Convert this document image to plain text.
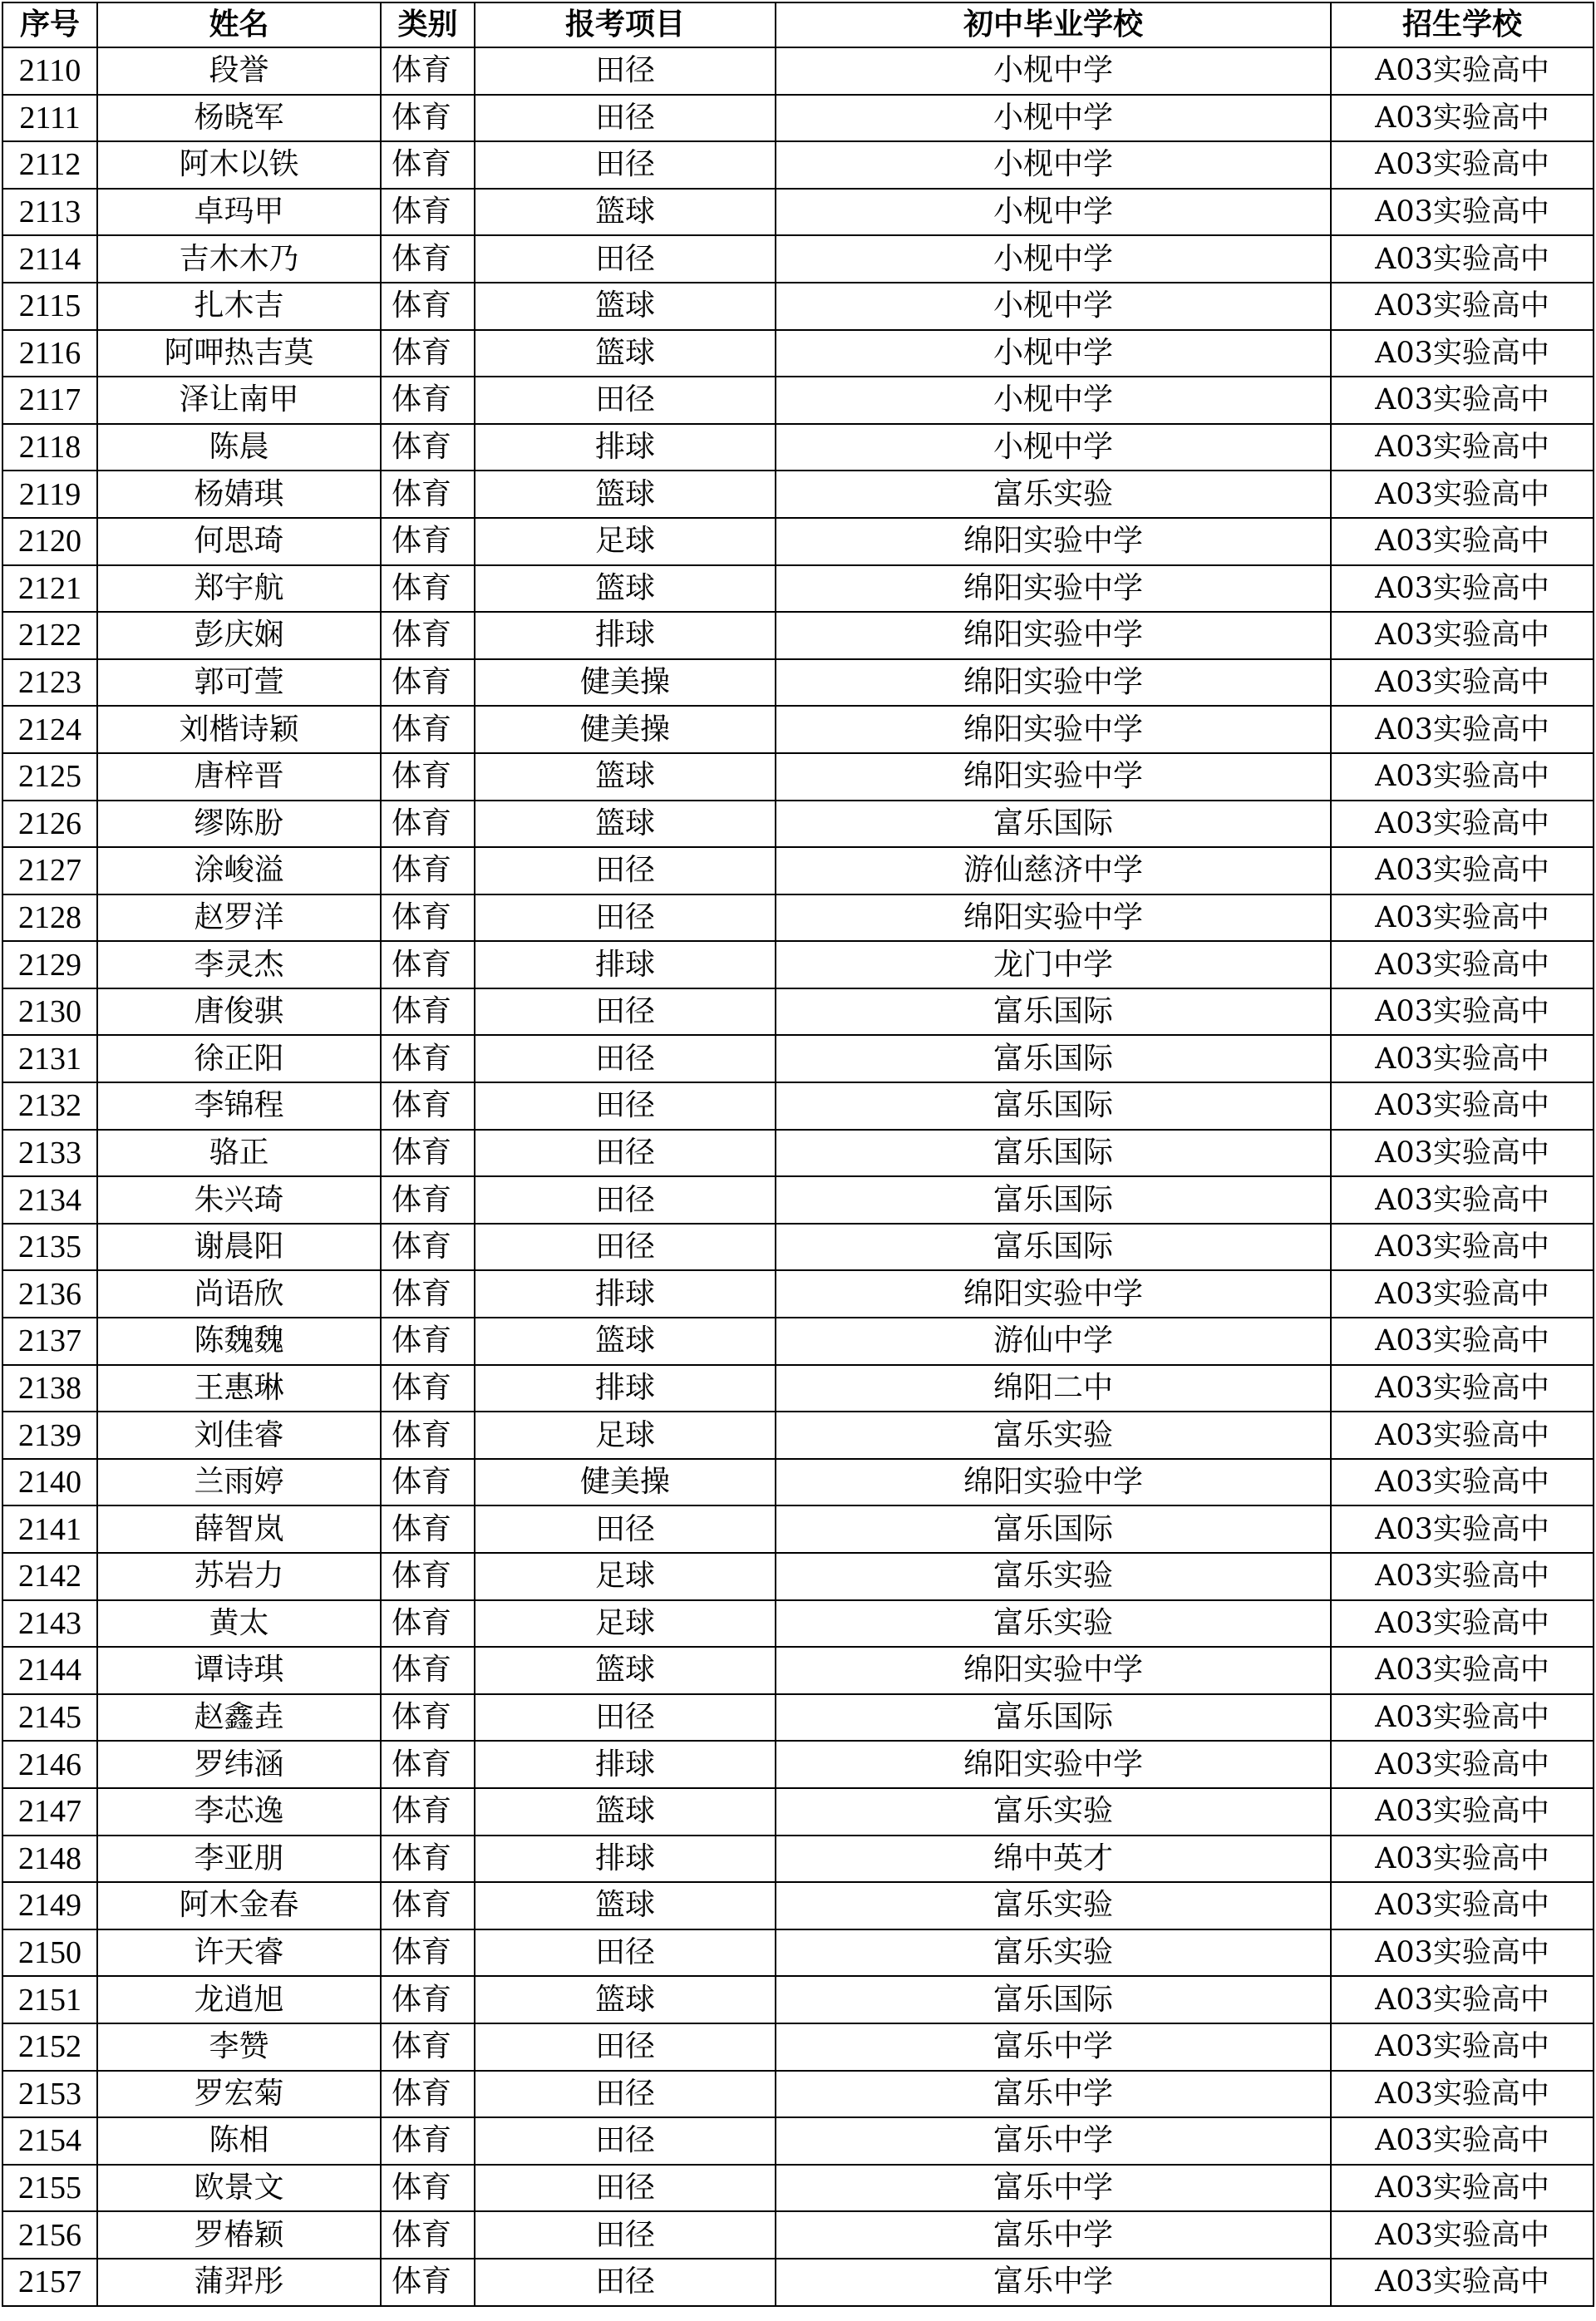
序号	姓名	类别	报考项目	初中毕业学校	招生学校
2110	段誉	体育	田径	小枧中学	A03实验高中
2111	杨晓军	体育	田径	小枧中学	A03实验高中
2112	阿木以铁	体育	田径	小枧中学	A03实验高中
2113	卓玛甲	体育	篮球	小枧中学	A03实验高中
2114	吉木木乃	体育	田径	小枧中学	A03实验高中
2115	扎木吉	体育	篮球	小枧中学	A03实验高中
2116	阿呷热吉莫	体育	篮球	小枧中学	A03实验高中
2117	泽让南甲	体育	田径	小枧中学	A03实验高中
2118	陈晨	体育	排球	小枧中学	A03实验高中
2119	杨婧琪	体育	篮球	富乐实验	A03实验高中
2120	何思琦	体育	足球	绵阳实验中学	A03实验高中
2121	郑宇航	体育	篮球	绵阳实验中学	A03实验高中
2122	彭庆娴	体育	排球	绵阳实验中学	A03实验高中
2123	郭可萱	体育	健美操	绵阳实验中学	A03实验高中
2124	刘楷诗颖	体育	健美操	绵阳实验中学	A03实验高中
2125	唐梓晋	体育	篮球	绵阳实验中学	A03实验高中
2126	缪陈朌	体育	篮球	富乐国际	A03实验高中
2127	涂峻溢	体育	田径	游仙慈济中学	A03实验高中
2128	赵罗洋	体育	田径	绵阳实验中学	A03实验高中
2129	李灵杰	体育	排球	龙门中学	A03实验高中
2130	唐俊骐	体育	田径	富乐国际	A03实验高中
2131	徐正阳	体育	田径	富乐国际	A03实验高中
2132	李锦程	体育	田径	富乐国际	A03实验高中
2133	骆正	体育	田径	富乐国际	A03实验高中
2134	朱兴琦	体育	田径	富乐国际	A03实验高中
2135	谢晨阳	体育	田径	富乐国际	A03实验高中
2136	尚语欣	体育	排球	绵阳实验中学	A03实验高中
2137	陈魏魏	体育	篮球	游仙中学	A03实验高中
2138	王惠琳	体育	排球	绵阳二中	A03实验高中
2139	刘佳睿	体育	足球	富乐实验	A03实验高中
2140	兰雨婷	体育	健美操	绵阳实验中学	A03实验高中
2141	薛智岚	体育	田径	富乐国际	A03实验高中
2142	苏岩力	体育	足球	富乐实验	A03实验高中
2143	黄太	体育	足球	富乐实验	A03实验高中
2144	谭诗琪	体育	篮球	绵阳实验中学	A03实验高中
2145	赵鑫垚	体育	田径	富乐国际	A03实验高中
2146	罗纬涵	体育	排球	绵阳实验中学	A03实验高中
2147	李芯逸	体育	篮球	富乐实验	A03实验高中
2148	李亚朋	体育	排球	绵中英才	A03实验高中
2149	阿木金春	体育	篮球	富乐实验	A03实验高中
2150	许天睿	体育	田径	富乐实验	A03实验高中
2151	龙逍旭	体育	篮球	富乐国际	A03实验高中
2152	李赞	体育	田径	富乐中学	A03实验高中
2153	罗宏菊	体育	田径	富乐中学	A03实验高中
2154	陈相	体育	田径	富乐中学	A03实验高中
2155	欧景文	体育	田径	富乐中学	A03实验高中
2156	罗椿颖	体育	田径	富乐中学	A03实验高中
2157	蒲羿彤	体育	田径	富乐中学	A03实验高中
